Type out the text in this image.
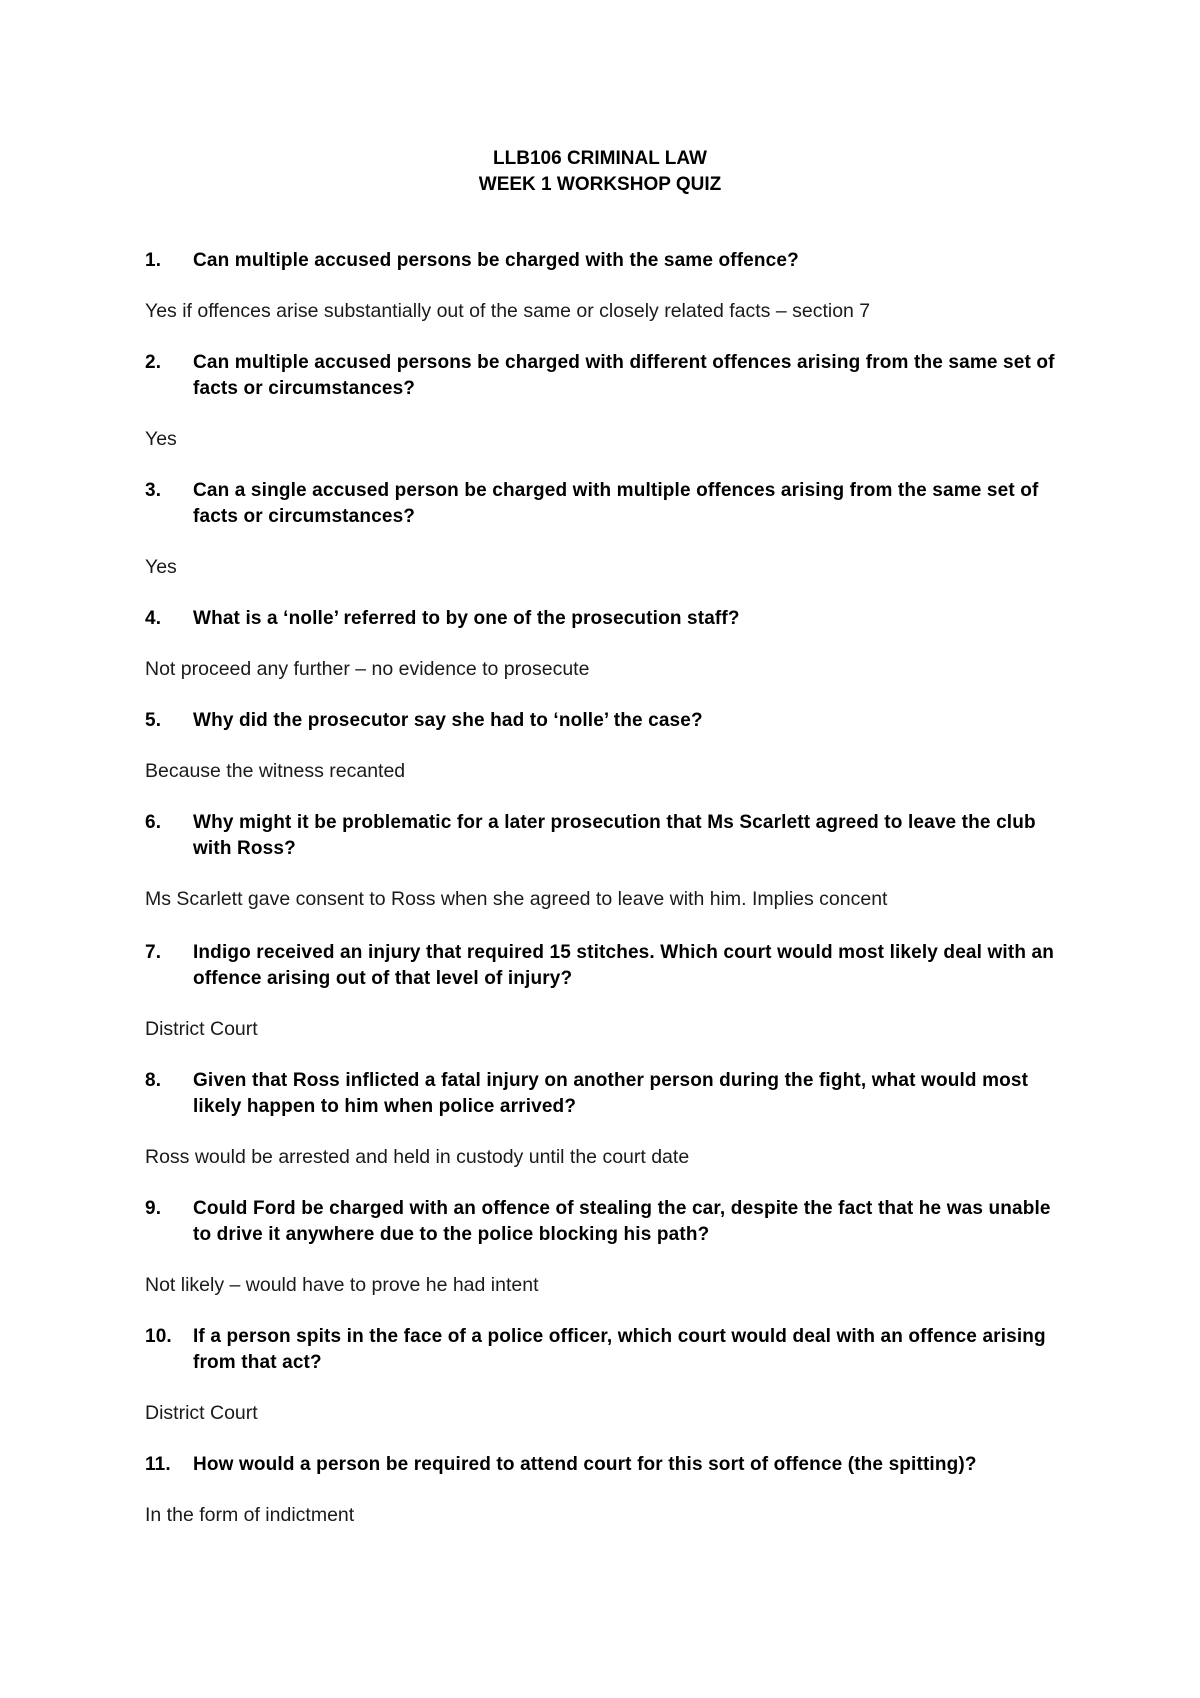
LLB106 CRIMINAL LAW
WEEK 1 WORKSHOP QUIZ
1. Can multiple accused persons be charged with the same offence?
Yes if offences arise substantially out of the same or closely related facts – section 7
2. Can multiple accused persons be charged with different offences arising from the same set of facts or circumstances?
Yes
3. Can a single accused person be charged with multiple offences arising from the same set of facts or circumstances?
Yes
4. What is a ‘nolle’ referred to by one of the prosecution staff?
Not proceed any further – no evidence to prosecute
5. Why did the prosecutor say she had to ‘nolle’ the case?
Because the witness recanted
6. Why might it be problematic for a later prosecution that Ms Scarlett agreed to leave the club with Ross?
Ms Scarlett gave consent to Ross when she agreed to leave with him. Implies concent
7. Indigo received an injury that required 15 stitches. Which court would most likely deal with an offence arising out of that level of injury?
District Court
8. Given that Ross inflicted a fatal injury on another person during the fight, what would most likely happen to him when police arrived?
Ross would be arrested and held in custody until the court date
9. Could Ford be charged with an offence of stealing the car, despite the fact that he was unable to drive it anywhere due to the police blocking his path?
Not likely – would have to prove he had intent
10. If a person spits in the face of a police officer, which court would deal with an offence arising from that act?
District Court
11. How would a person be required to attend court for this sort of offence (the spitting)?
In the form of indictment
